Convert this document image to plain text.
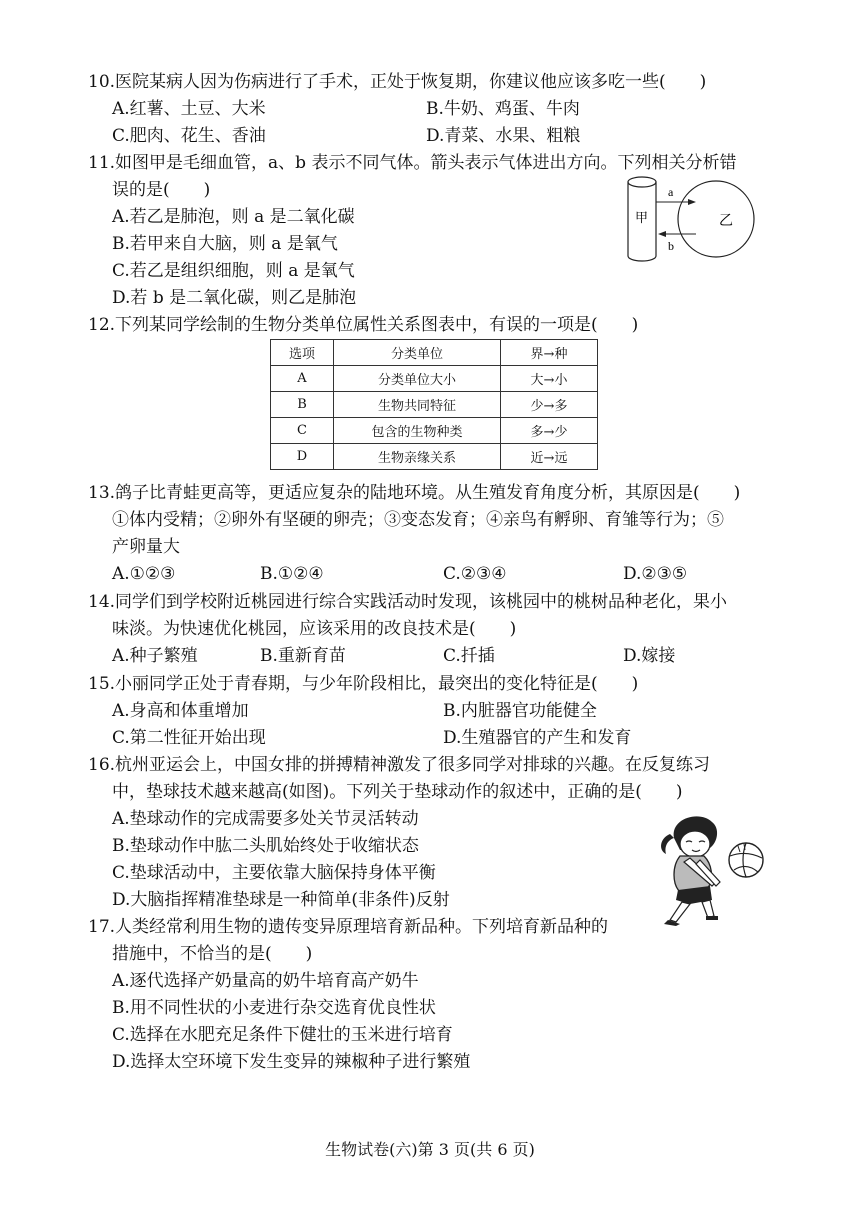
10.医院某病人因为伤病进行了手术，正处于恢复期，你建议他应该多吃一些(　　)
A.红薯、土豆、大米	B.牛奶、鸡蛋、牛肉
C.肥肉、花生、香油	D.青菜、水果、粗粮
11.如图甲是毛细血管，a、b 表示不同气体。箭头表示气体进出方向。下列相关分析错
误的是(　　)
A.若乙是肺泡，则 a 是二氧化碳
B.若甲来自大脑，则 a 是氧气
C.若乙是组织细胞，则 a 是氧气
D.若 b 是二氧化碳，则乙是肺泡
甲	乙
a
b
12.下列某同学绘制的生物分类单位属性关系图表中，有误的一项是(　　)
选项	分类单位	界→种
A	分类单位大小	大→小
B	生物共同特征	少→多
C	包含的生物种类	多→少
D	生物亲缘关系	近→远
13.鸽子比青蛙更高等，更适应复杂的陆地环境。从生殖发育角度分析，其原因是(　　)
①体内受精；②卵外有坚硬的卵壳；③变态发育；④亲鸟有孵卵、育雏等行为；⑤
产卵量大
A.①②③	B.①②④	C.②③④	D.②③⑤
14.同学们到学校附近桃园进行综合实践活动时发现，该桃园中的桃树品种老化，果小
味淡。为快速优化桃园，应该采用的改良技术是(　　)
A.种子繁殖	B.重新育苗	C.扦插	D.嫁接
15.小丽同学正处于青春期，与少年阶段相比，最突出的变化特征是(　　)
A.身高和体重增加	B.内脏器官功能健全
C.第二性征开始出现	D.生殖器官的产生和发育
16.杭州亚运会上，中国女排的拼搏精神激发了很多同学对排球的兴趣。在反复练习
中，垫球技术越来越高(如图)。下列关于垫球动作的叙述中，正确的是(　　)
A.垫球动作的完成需要多处关节灵活转动
B.垫球动作中肱二头肌始终处于收缩状态
C.垫球活动中，主要依靠大脑保持身体平衡
D.大脑指挥精准垫球是一种简单(非条件)反射
17.人类经常利用生物的遗传变异原理培育新品种。下列培育新品种的
措施中，不恰当的是(　　)
A.逐代选择产奶量高的奶牛培育高产奶牛
B.用不同性状的小麦进行杂交选育优良性状
C.选择在水肥充足条件下健壮的玉米进行培育
D.选择太空环境下发生变异的辣椒种子进行繁殖
生物试卷(六)第 3 页(共 6 页)
